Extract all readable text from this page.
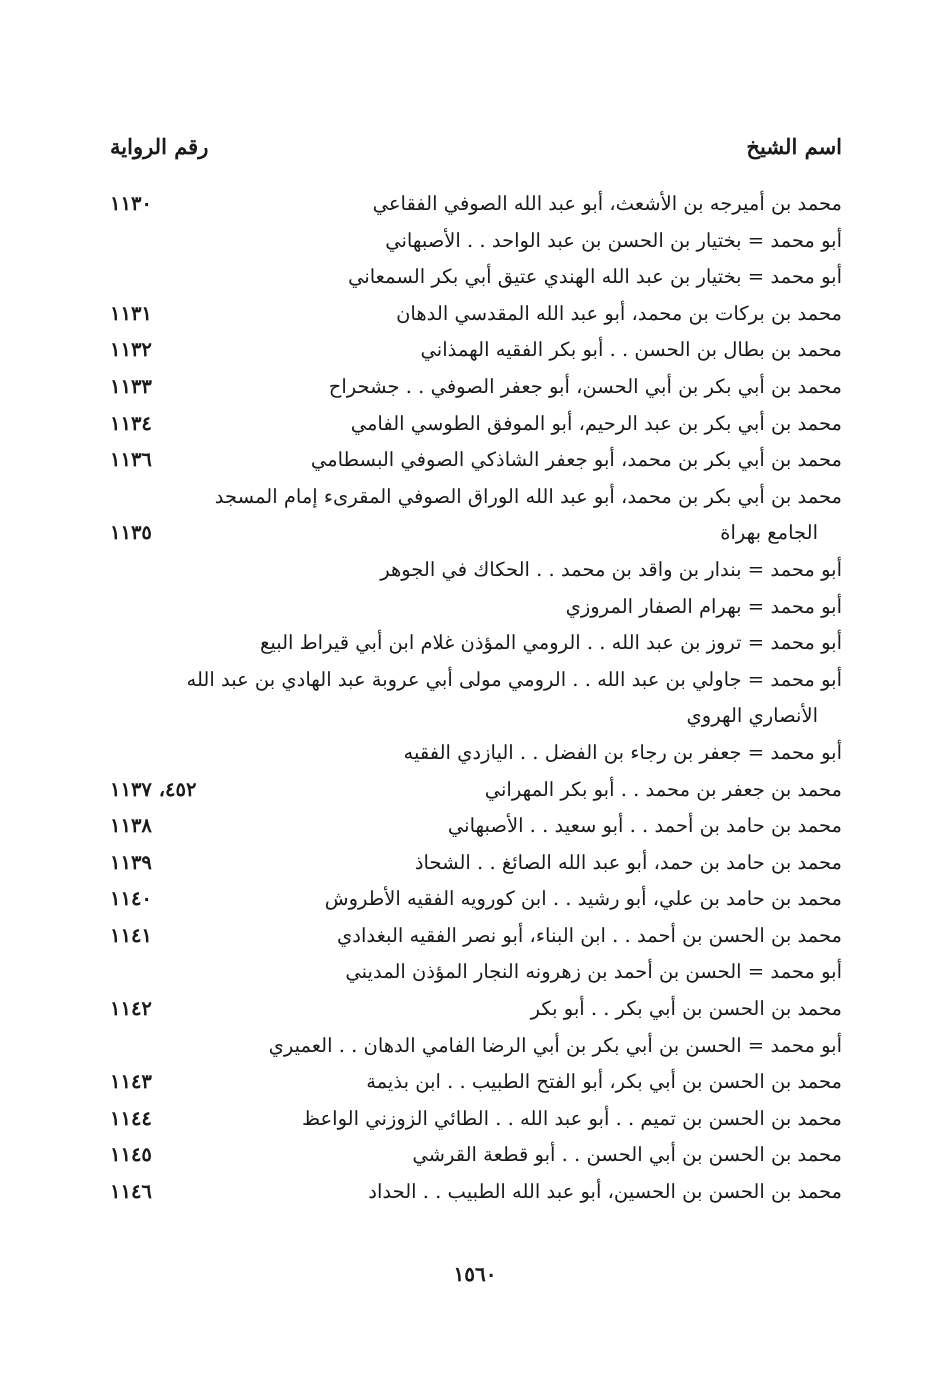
اسم الشيخ
رقم الرواية
محمد بن أميرجه بن الأشعث، أبو عبد الله الصوفي الفقاعي
١١٣٠
أبو محمد = بختيار بن الحسن بن عبد الواحد . . الأصبهاني
أبو محمد = بختيار بن عبد الله الهندي عتيق أبي بكر السمعاني
محمد بن بركات بن محمد، أبو عبد الله المقدسي الدهان
١١٣١
محمد بن بطال بن الحسن . . أبو بكر الفقيه الهمذاني
١١٣٢
محمد بن أبي بكر بن أبي الحسن، أبو جعفر الصوفي . . جشحراح
١١٣٣
محمد بن أبي بكر بن عبد الرحيم، أبو الموفق الطوسي الفامي
١١٣٤
محمد بن أبي بكر بن محمد، أبو جعفر الشاذكي الصوفي البسطامي
١١٣٦
محمد بن أبي بكر بن محمد، أبو عبد الله الوراق الصوفي المقرىء إمام المسجد
الجامع بهراة
١١٣٥
أبو محمد = بندار بن واقد بن محمد . . الحكاك في الجوهر
أبو محمد = بهرام الصفار المروزي
أبو محمد = تروز بن عبد الله . . الرومي المؤذن غلام ابن أبي قيراط البيع
أبو محمد = جاولي بن عبد الله . . الرومي مولى أبي عروبة عبد الهادي بن عبد الله
الأنصاري الهروي
أبو محمد = جعفر بن رجاء بن الفضل . . اليازدي الفقيه
محمد بن جعفر بن محمد . . أبو بكر المهراني
٤٥٢، ١١٣٧
محمد بن حامد بن أحمد . . أبو سعيد . . الأصبهاني
١١٣٨
محمد بن حامد بن حمد، أبو عبد الله الصائغ . . الشحاذ
١١٣٩
محمد بن حامد بن علي، أبو رشيد . . ابن كورويه الفقيه الأطروش
١١٤٠
محمد بن الحسن بن أحمد . . ابن البناء، أبو نصر الفقيه البغدادي
١١٤١
أبو محمد = الحسن بن أحمد بن زهرونه النجار المؤذن المديني
محمد بن الحسن بن أبي بكر . . أبو بكر
١١٤٢
أبو محمد = الحسن بن أبي بكر بن أبي الرضا الفامي الدهان . . العميري
محمد بن الحسن بن أبي بكر، أبو الفتح الطبيب . . ابن بذيمة
١١٤٣
محمد بن الحسن بن تميم . . أبو عبد الله . . الطائي الزوزني الواعظ
١١٤٤
محمد بن الحسن بن أبي الحسن . . أبو قطعة القرشي
١١٤٥
محمد بن الحسن بن الحسين، أبو عبد الله الطبيب . . الحداد
١١٤٦
١٥٦٠
